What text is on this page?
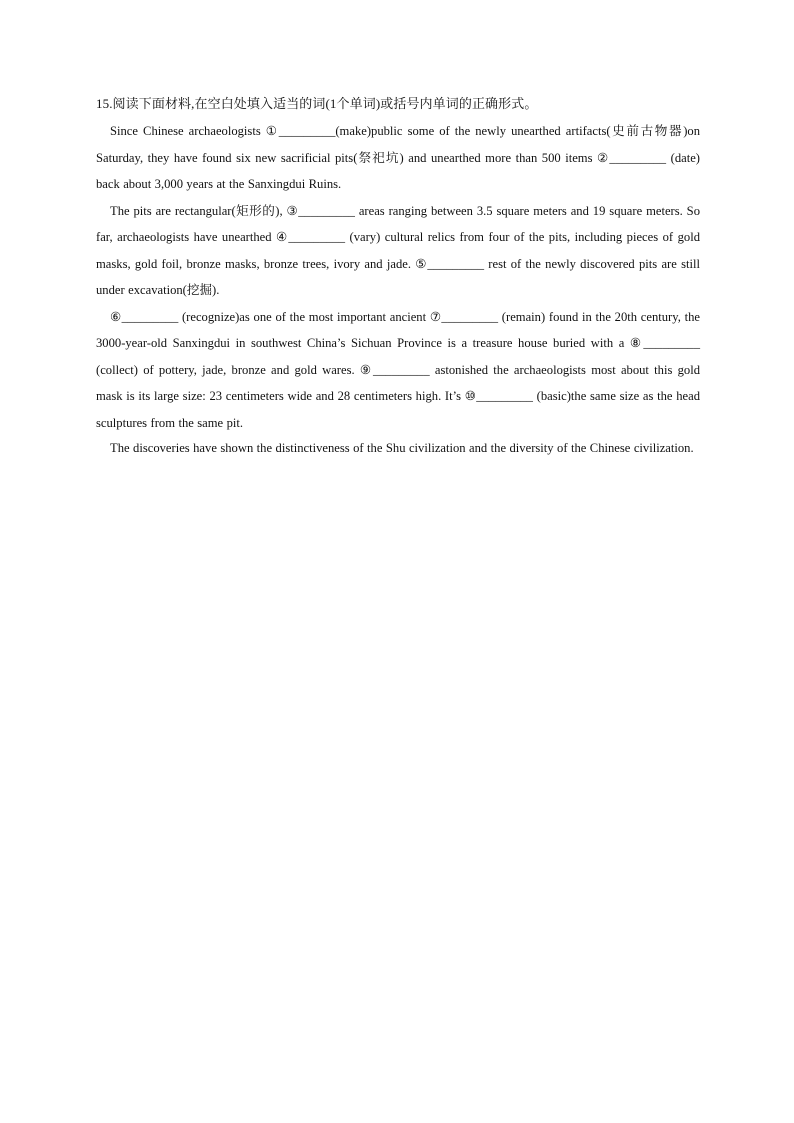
15.阅读下面材料,在空白处填入适当的词(1个单词)或括号内单词的正确形式。

Since Chinese archaeologists ①_________(make)public some of the newly unearthed artifacts(史前古物器)on Saturday, they have found six new sacrificial pits(祭祀坑) and unearthed more than 500 items ②_________ (date) back about 3,000 years at the Sanxingdui Ruins.

The pits are rectangular(矩形的), ③_________ areas ranging between 3.5 square meters and 19 square meters. So far, archaeologists have unearthed ④_________ (vary) cultural relics from four of the pits, including pieces of gold masks, gold foil, bronze masks, bronze trees, ivory and jade. ⑤_________ rest of the newly discovered pits are still under excavation(挖掘).

⑥_________ (recognize)as one of the most important ancient ⑦_________ (remain) found in the 20th century, the 3000-year-old Sanxingdui in southwest China’s Sichuan Province is a treasure house buried with a ⑧_________ (collect) of pottery, jade, bronze and gold wares. ⑨_________ astonished the archaeologists most about this gold mask is its large size: 23 centimeters wide and 28 centimeters high. It’s ⑩_________ (basic)the same size as the head sculptures from the same pit.

The discoveries have shown the distinctiveness of the Shu civilization and the diversity of the Chinese civilization.
